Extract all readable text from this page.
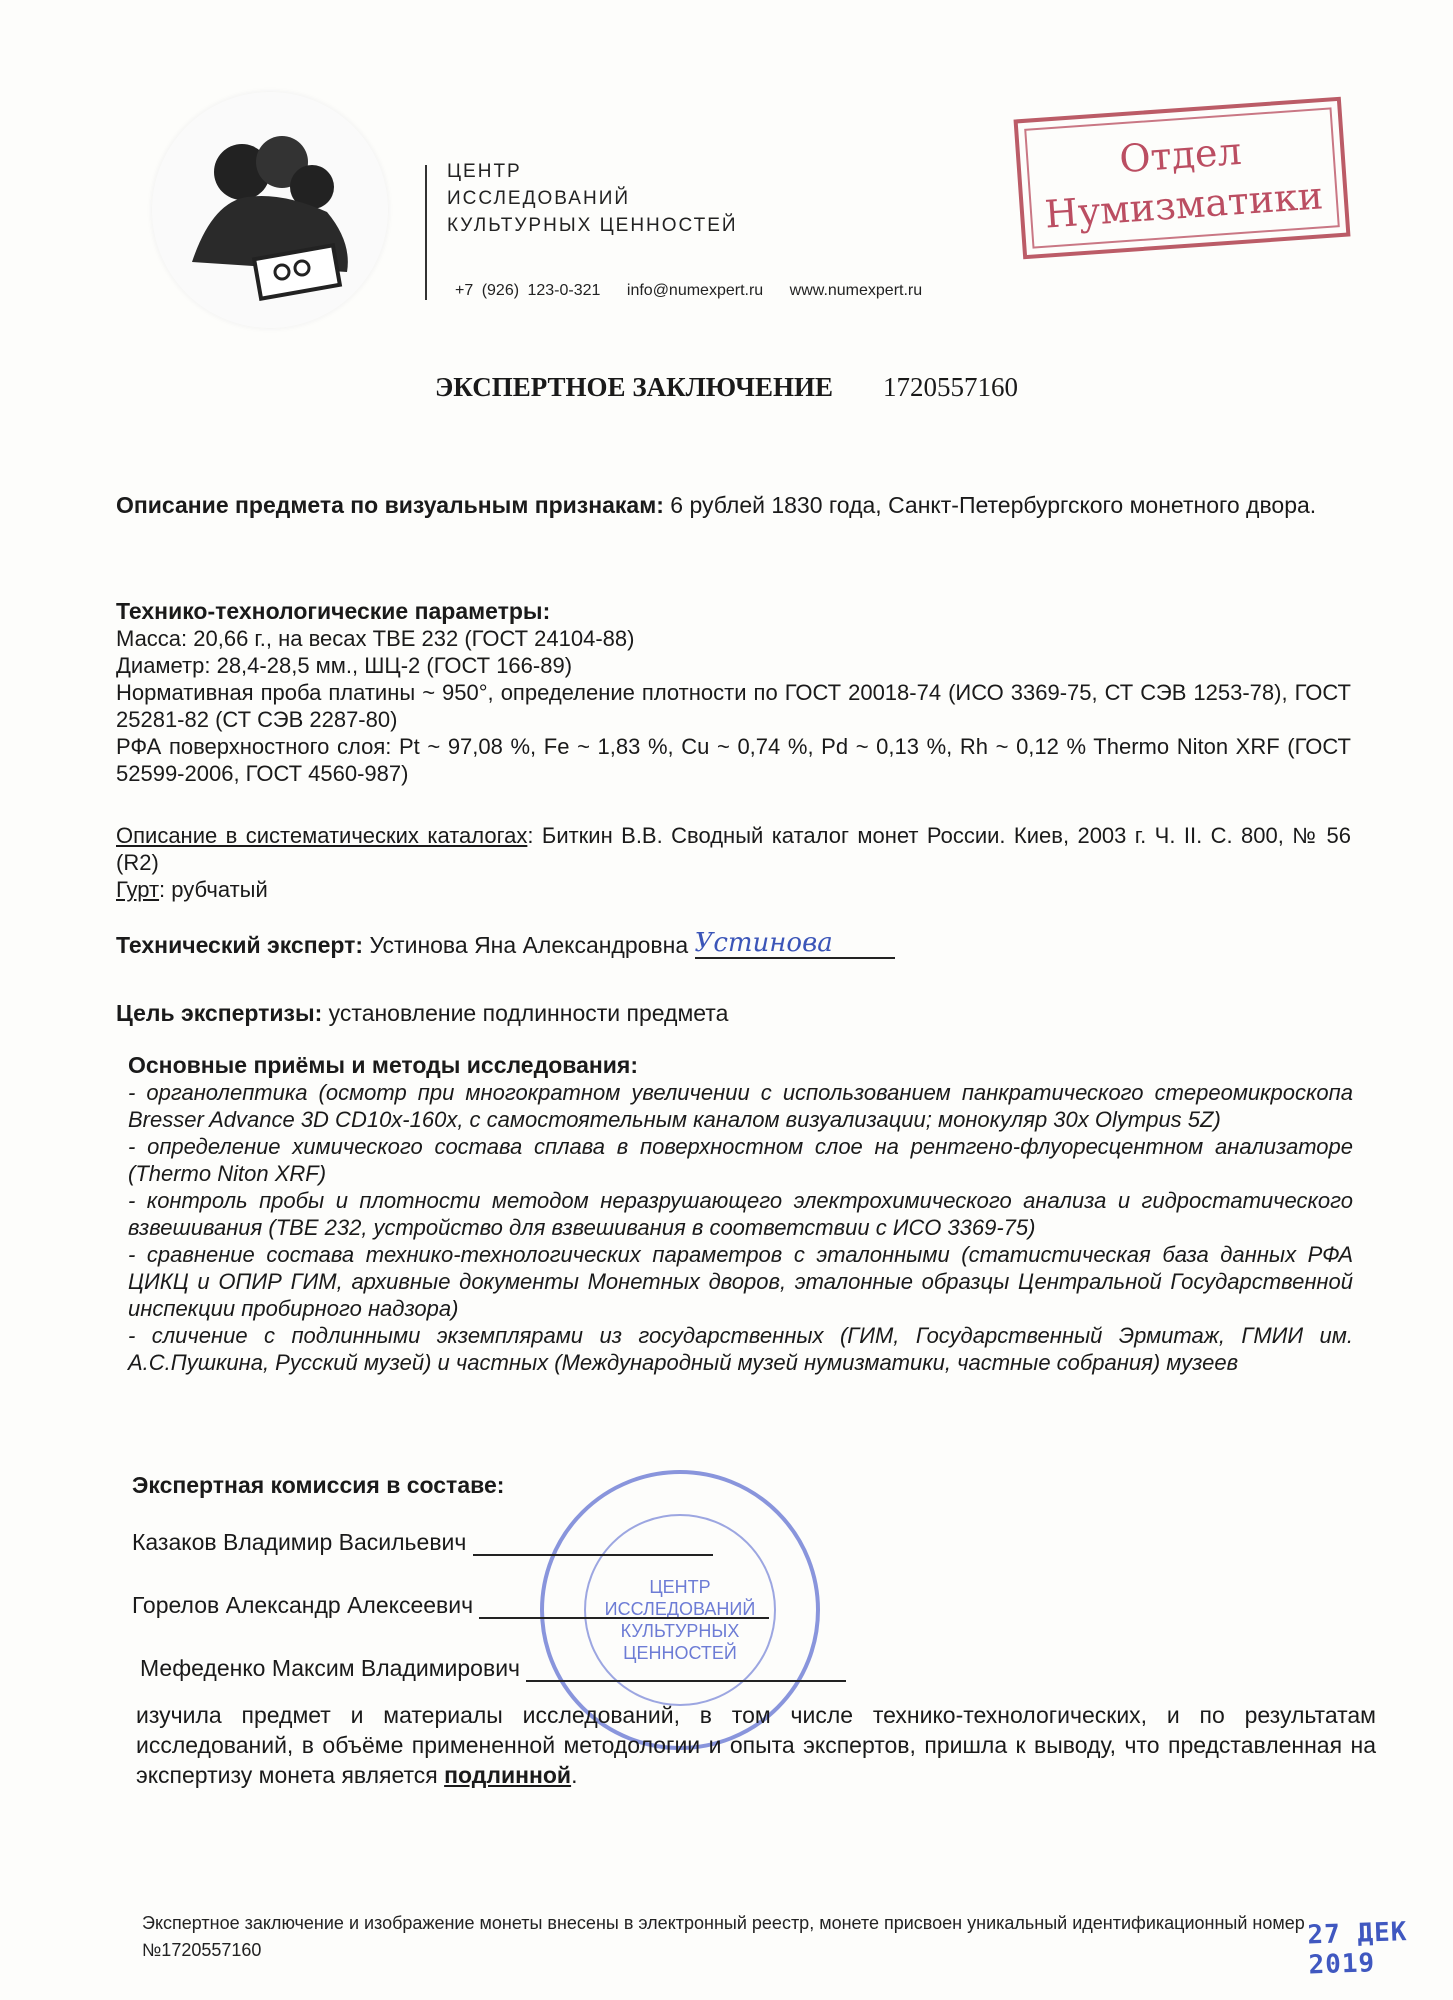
ЦЕНТР
ИССЛЕДОВАНИЙ
КУЛЬТУРНЫХ ЦЕННОСТЕЙ
+7 (926) 123-0-321 info@numexpert.ru www.numexpert.ru
Отдел
Нумизматики
ЭКСПЕРТНОЕ ЗАКЛЮЧЕНИЕ 1720557160
Описание предмета по визуальным признакам: 6 рублей 1830 года, Санкт-Петербургского монетного двора.
Технико-технологические параметры:
Масса: 20,66 г., на весах ТВЕ 232 (ГОСТ 24104-88)
Диаметр: 28,4-28,5 мм., ШЦ-2 (ГОСТ 166-89)
Нормативная проба платины ~ 950°, определение плотности по ГОСТ 20018-74 (ИСО 3369-75, СТ СЭВ 1253-78), ГОСТ 25281-82 (СТ СЭВ 2287-80)
РФА поверхностного слоя: Pt ~ 97,08 %, Fe ~ 1,83 %, Cu ~ 0,74 %, Pd ~ 0,13 %, Rh ~ 0,12 % Thermo Niton XRF (ГОСТ 52599-2006, ГОСТ 4560-987)
Описание в систематических каталогах: Биткин В.В. Сводный каталог монет России. Киев, 2003 г. Ч. II. С. 800, № 56 (R2)
Гурт: рубчатый
Технический эксперт: Устинова Яна Александровна Устинова
Цель экспертизы: установление подлинности предмета
Основные приёмы и методы исследования:
- органолептика (осмотр при многократном увеличении с использованием панкратического стереомикроскопа Bresser Advance 3D CD10x-160x, с самостоятельным каналом визуализации; монокуляр 30x Olympus 5Z)
- определение химического состава сплава в поверхностном слое на рентгено-флуоресцентном анализаторе (Thermo Niton XRF)
- контроль пробы и плотности методом неразрушающего электрохимического анализа и гидростатического взвешивания (ТВЕ 232, устройство для взвешивания в соответствии с ИСО 3369-75)
- сравнение состава технико-технологических параметров с эталонными (статистическая база данных РФА ЦИКЦ и ОПИР ГИМ, архивные документы Монетных дворов, эталонные образцы Центральной Государственной инспекции пробирного надзора)
- сличение с подлинными экземплярами из государственных (ГИМ, Государственный Эрмитаж, ГМИИ им. А.С.Пушкина, Русский музей) и частных (Международный музей нумизматики, частные собрания) музеев
ЦЕНТР
ИССЛЕДОВАНИЙ
КУЛЬТУРНЫХ
ЦЕННОСТЕЙ
Экспертная комиссия в составе:
Казаков Владимир Васильевич
Горелов Александр Алексеевич
Мефеденко Максим Владимирович
изучила предмет и материалы исследований, в том числе технико-технологических, и по результатам исследований, в объёме примененной методологии и опыта экспертов, пришла к выводу, что представленная на экспертизу монета является подлинной.
Экспертное заключение и изображение монеты внесены в электронный реестр, монете присвоен уникальный идентификационный номер №1720557160	27 ДЕК 2019
